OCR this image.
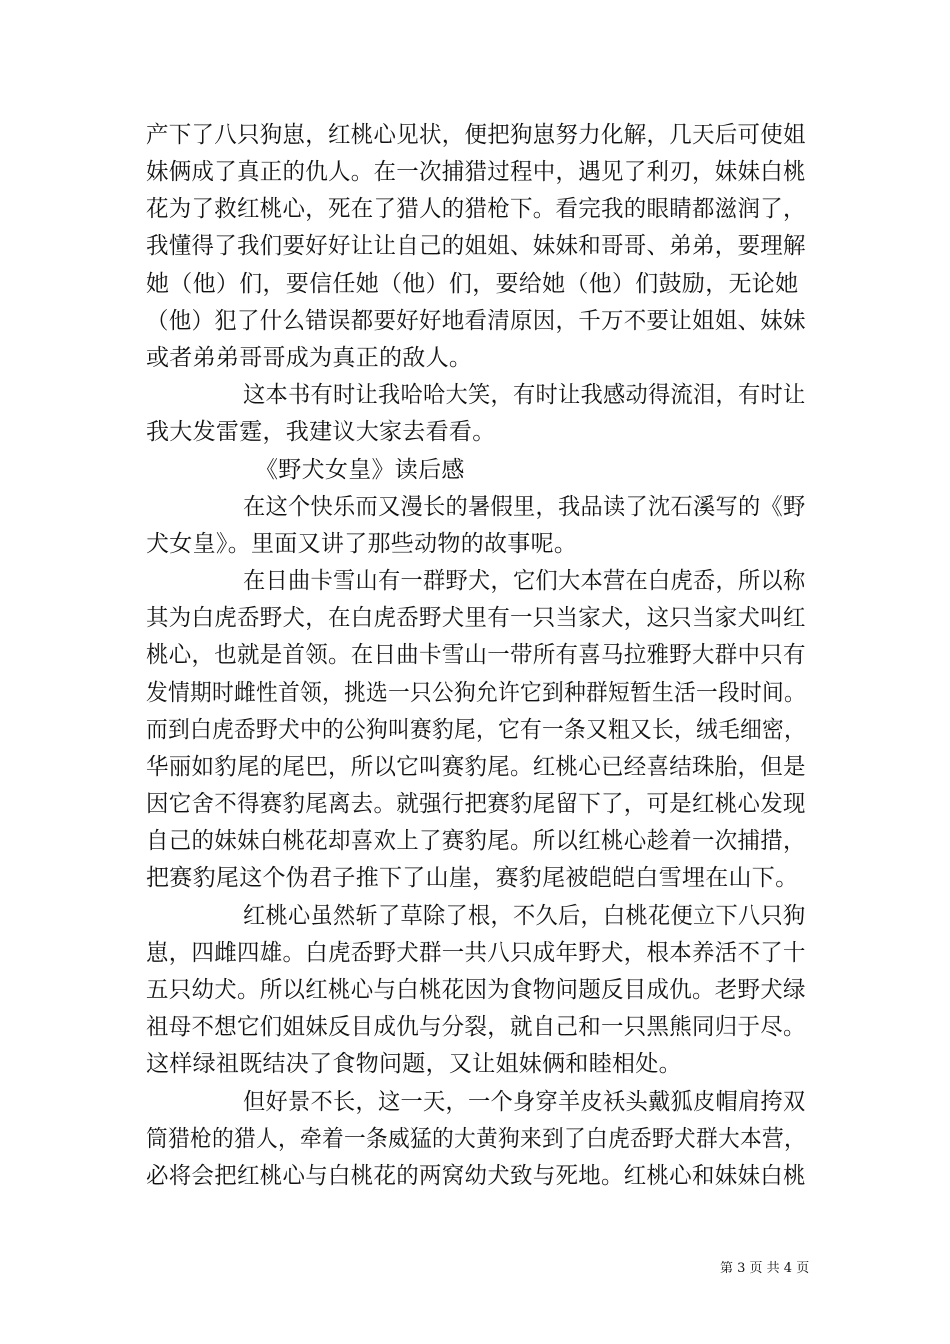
产下了八只狗崽，红桃心见状，便把狗崽努力化解，几天后可使姐
妹俩成了真正的仇人。在一次捕猎过程中，遇见了利刃，妹妹白桃
花为了救红桃心，死在了猎人的猎枪下。看完我的眼睛都滋润了，
我懂得了我们要好好让让自己的姐姐、妹妹和哥哥、弟弟，要理解
她（他）们，要信任她（他）们，要给她（他）们鼓励，无论她
（他）犯了什么错误都要好好地看清原因，千万不要让姐姐、妹妹
或者弟弟哥哥成为真正的敌人。
这本书有时让我哈哈大笑，有时让我感动得流泪，有时让
我大发雷霆，我建议大家去看看。
《野犬女皇》读后感
在这个快乐而又漫长的暑假里，我品读了沈石溪写的《野
犬女皇》。里面又讲了那些动物的故事呢。
在日曲卡雪山有一群野犬，它们大本营在白虎岙，所以称
其为白虎岙野犬，在白虎岙野犬里有一只当家犬，这只当家犬叫红
桃心，也就是首领。在日曲卡雪山一带所有喜马拉雅野大群中只有
发情期时雌性首领，挑选一只公狗允许它到种群短暂生活一段时间。
而到白虎岙野犬中的公狗叫赛豹尾，它有一条又粗又长，绒毛细密，
华丽如豹尾的尾巴，所以它叫赛豹尾。红桃心已经喜结珠胎，但是
因它舍不得赛豹尾离去。就强行把赛豹尾留下了，可是红桃心发现
自己的妹妹白桃花却喜欢上了赛豹尾。所以红桃心趁着一次捕措，
把赛豹尾这个伪君子推下了山崖，赛豹尾被皑皑白雪埋在山下。
红桃心虽然斩了草除了根，不久后，白桃花便立下八只狗
崽，四雌四雄。白虎岙野犬群一共八只成年野犬，根本养活不了十
五只幼犬。所以红桃心与白桃花因为食物问题反目成仇。老野犬绿
祖母不想它们姐妹反目成仇与分裂，就自己和一只黑熊同归于尽。
这样绿祖既结决了食物问题，又让姐妹俩和睦相处。
但好景不长，这一天，一个身穿羊皮袄头戴狐皮帽肩挎双
筒猎枪的猎人，牵着一条威猛的大黄狗来到了白虎岙野犬群大本营，
必将会把红桃心与白桃花的两窝幼犬致与死地。红桃心和妹妹白桃
第 3 页 共 4 页
